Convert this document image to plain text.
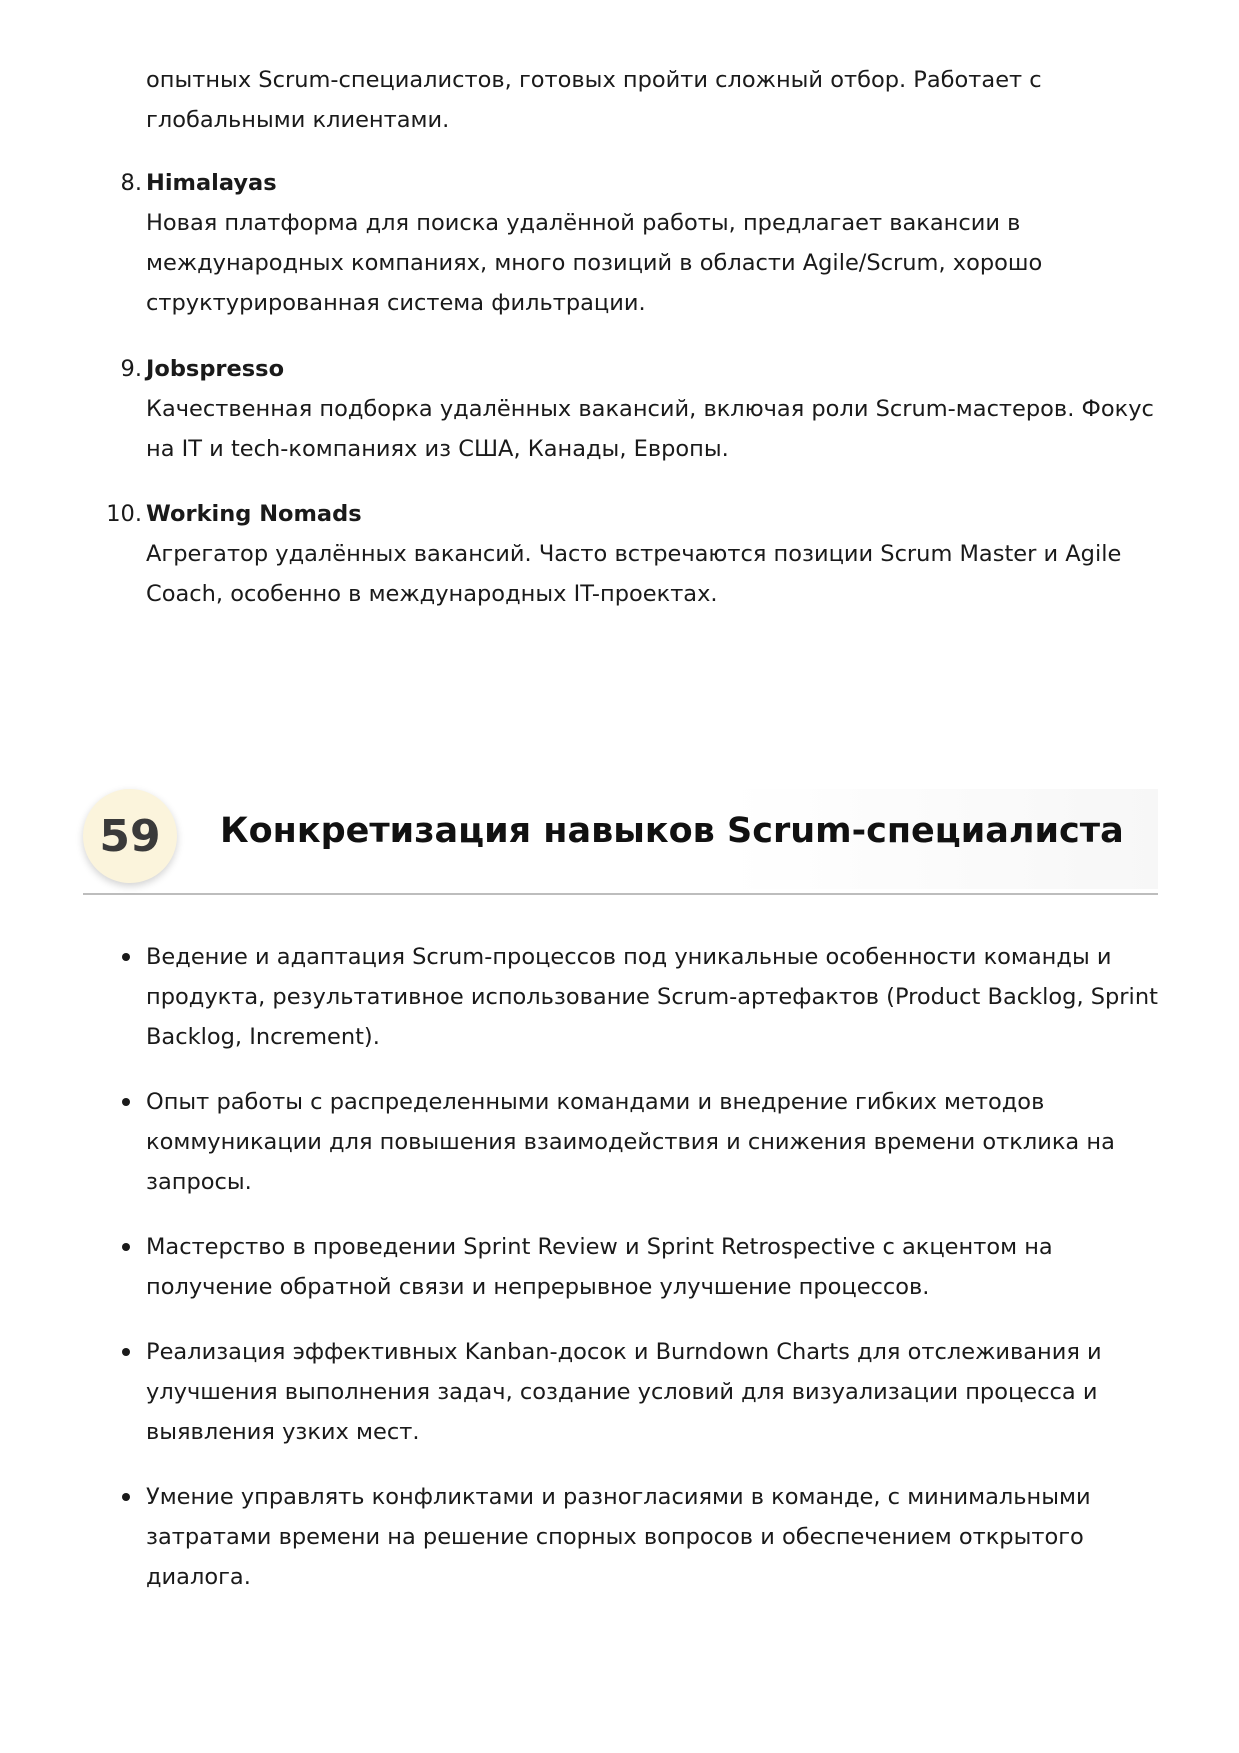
опытных Scrum-специалистов, готовых пройти сложный отбор. Работает с глобальными клиентами.

8. Himalayas
Новая платформа для поиска удалённой работы, предлагает вакансии в международных компаниях, много позиций в области Agile/Scrum, хорошо структурированная система фильтрации.
9. Jobspresso
Качественная подборка удалённых вакансий, включая роли Scrum-мастеров. Фокус на IT и tech-компаниях из США, Канады, Европы.
10. Working Nomads
Агрегатор удалённых вакансий. Часто встречаются позиции Scrum Master и Agile Coach, особенно в международных IT-проектах.
59	Конкретизация навыков Scrum-специалиста
Ведение и адаптация Scrum-процессов под уникальные особенности команды и продукта, результативное использование Scrum-артефактов (Product Backlog, Sprint Backlog, Increment).
Опыт работы с распределенными командами и внедрение гибких методов коммуникации для повышения взаимодействия и снижения времени отклика на запросы.
Мастерство в проведении Sprint Review и Sprint Retrospective с акцентом на получение обратной связи и непрерывное улучшение процессов.
Реализация эффективных Kanban-досок и Burndown Charts для отслеживания и улучшения выполнения задач, создание условий для визуализации процесса и выявления узких мест.
Умение управлять конфликтами и разногласиями в команде, с минимальными затратами времени на решение спорных вопросов и обеспечением открытого диалога.
